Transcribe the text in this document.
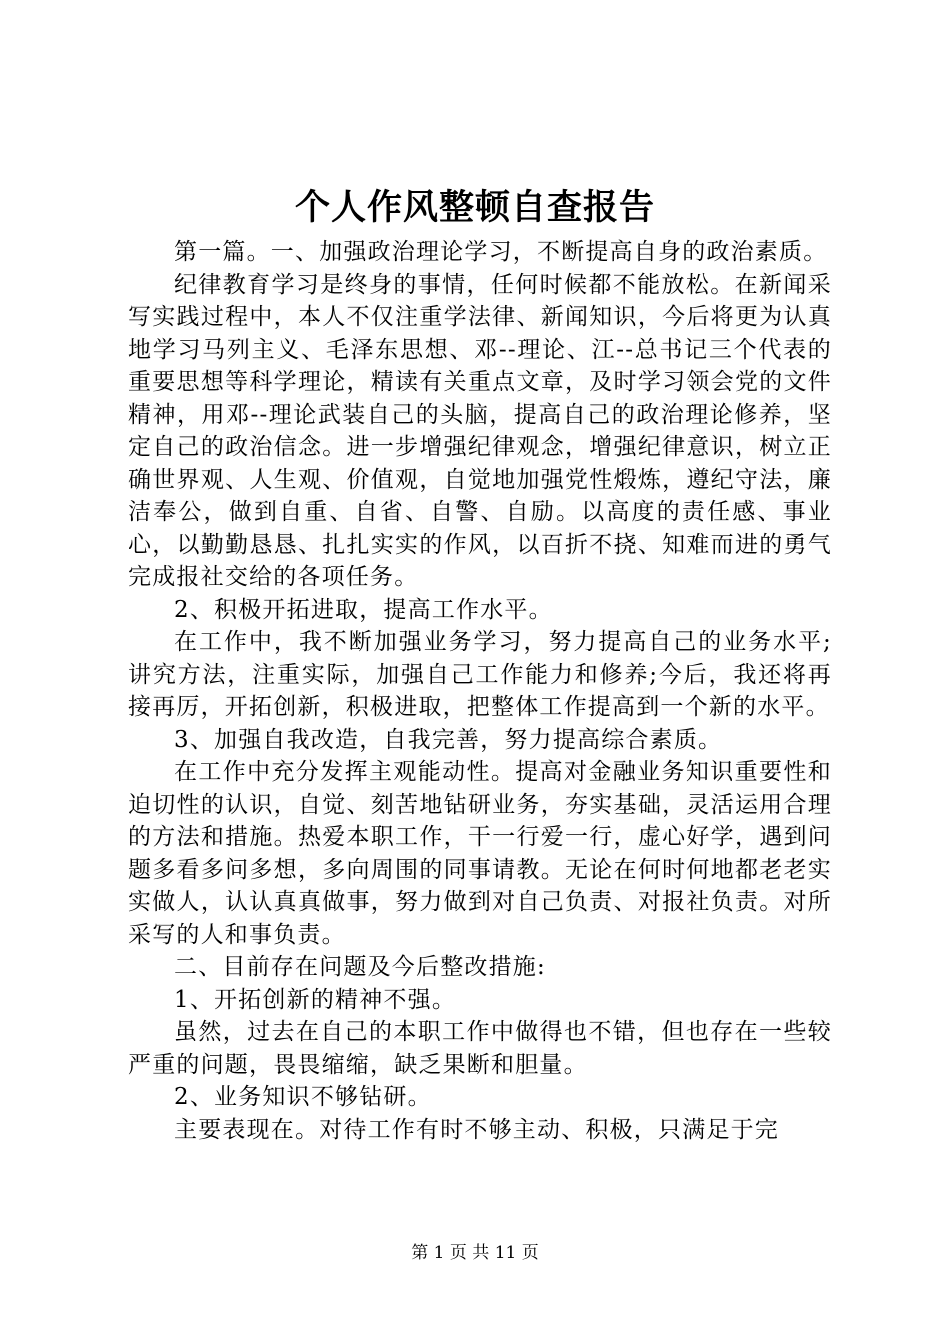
个人作风整顿自查报告

第一篇。一、加强政治理论学习，不断提高自身的政治素质。

纪律教育学习是终身的事情，任何时候都不能放松。在新闻采写实践过程中，本人不仅注重学法律、新闻知识，今后将更为认真地学习马列主义、毛泽东思想、邓--理论、江--总书记三个代表的重要思想等科学理论，精读有关重点文章，及时学习领会党的文件精神，用邓--理论武装自己的头脑，提高自己的政治理论修养，坚定自己的政治信念。进一步增强纪律观念，增强纪律意识，树立正确世界观、人生观、价值观，自觉地加强党性煅炼，遵纪守法，廉洁奉公，做到自重、自省、自警、自励。以高度的责任感、事业心，以勤勤恳恳、扎扎实实的作风，以百折不挠、知难而进的勇气完成报社交给的各项任务。

2、积极开拓进取，提高工作水平。

在工作中，我不断加强业务学习，努力提高自己的业务水平;讲究方法，注重实际，加强自己工作能力和修养;今后，我还将再接再厉，开拓创新，积极进取，把整体工作提高到一个新的水平。

3、加强自我改造，自我完善，努力提高综合素质。

在工作中充分发挥主观能动性。提高对金融业务知识重要性和迫切性的认识，自觉、刻苦地钻研业务，夯实基础，灵活运用合理的方法和措施。热爱本职工作，干一行爱一行，虚心好学，遇到问题多看多问多想，多向周围的同事请教。无论在何时何地都老老实实做人，认认真真做事，努力做到对自己负责、对报社负责。对所采写的人和事负责。

二、目前存在问题及今后整改措施:

1、开拓创新的精神不强。

虽然，过去在自己的本职工作中做得也不错，但也存在一些较严重的问题，畏畏缩缩，缺乏果断和胆量。

2、业务知识不够钻研。

主要表现在。对待工作有时不够主动、积极，只满足于完

第 1 页 共 11 页
